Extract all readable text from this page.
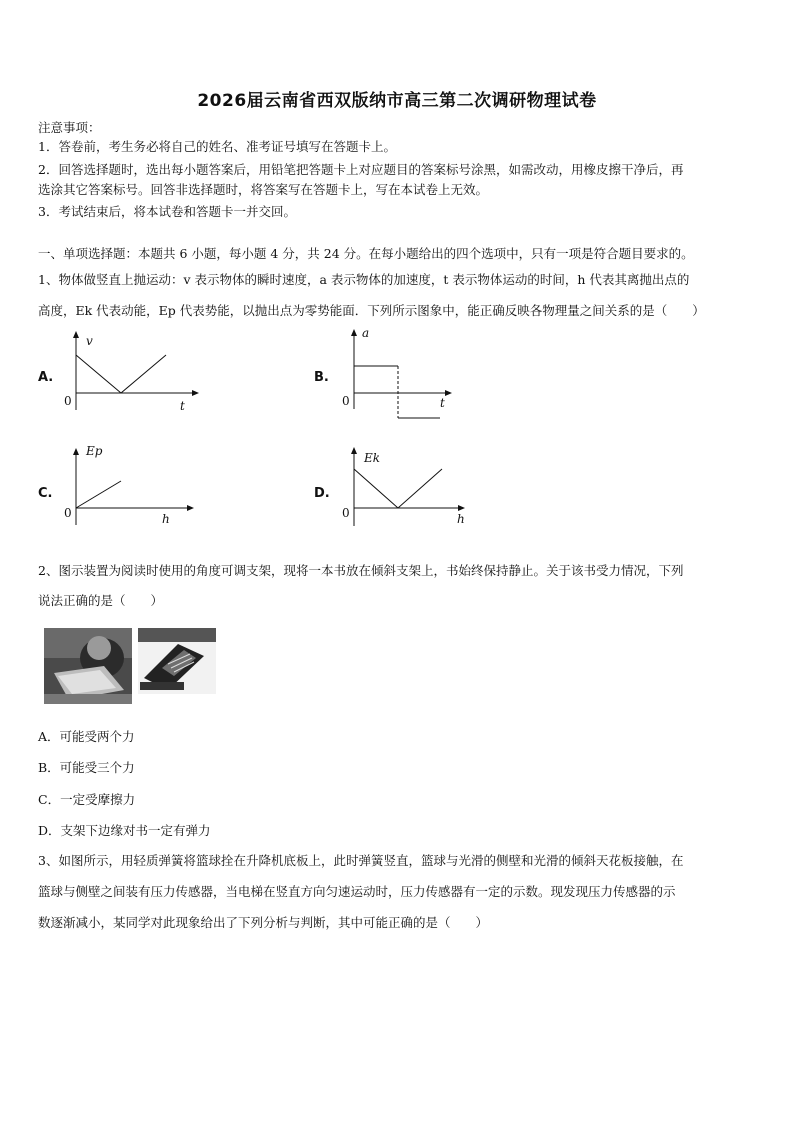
2026届云南省西双版纳市高三第二次调研物理试卷
注意事项：
1．答卷前，考生务必将自己的姓名、准考证号填写在答题卡上。
2．回答选择题时，选出每小题答案后，用铅笔把答题卡上对应题目的答案标号涂黑，如需改动，用橡皮擦干净后，再
选涂其它答案标号。回答非选择题时，将答案写在答题卡上，写在本试卷上无效。
3．考试结束后，将本试卷和答题卡一并交回。
一、单项选择题：本题共 6 小题，每小题 4 分，共 24 分。在每小题给出的四个选项中，只有一项是符合题目要求的。
1、物体做竖直上抛运动：v 表示物体的瞬时速度，a 表示物体的加速度，t 表示物体运动的时间，h 代表其离抛出点的
高度，Ek 代表动能，Ep 代表势能，以抛出点为零势能面．下列所示图象中，能正确反映各物理量之间关系的是（　　）
A.
v
t
0
B.
a
t
0
C.
Ep
h
0
D.
Ek
h
0
2、图示装置为阅读时使用的角度可调支架，现将一本书放在倾斜支架上，书始终保持静止。关于该书受力情况，下列
说法正确的是（　　）
A．可能受两个力
B．可能受三个力
C．一定受摩擦力
D．支架下边缘对书一定有弹力
3、如图所示，用轻质弹簧将篮球拴在升降机底板上，此时弹簧竖直，篮球与光滑的侧壁和光滑的倾斜天花板接触，在
篮球与侧壁之间装有压力传感器，当电梯在竖直方向匀速运动时，压力传感器有一定的示数。现发现压力传感器的示
数逐渐减小，某同学对此现象给出了下列分析与判断，其中可能正确的是（　　）
